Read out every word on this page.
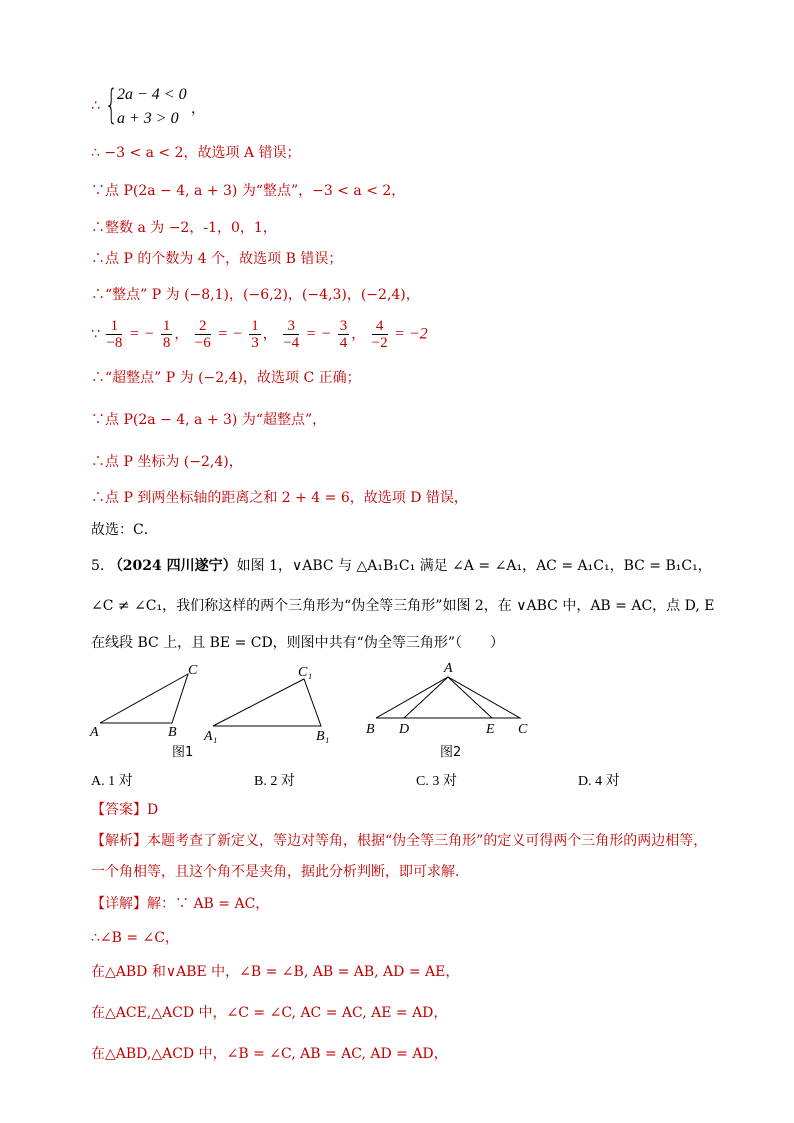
∴ { 2a − 4 < 0
a + 3 > 0
，
∴ −3 < a < 2，故选项 A 错误；
∵点 P(2a − 4, a + 3) 为“整点”，−3 < a < 2，
∴整数 a 为 −2，-1，0，1，
∴点 P 的个数为 4 个，故选项 B 错误；
∴“整点” P 为 (−8,1)，(−6,2)，(−4,3)，(−2,4)，
∵ $\frac{1}{-8}$ = − $\frac{1}{8}$ ， $\frac{2}{-6}$ = − $\frac{1}{3}$ ， $\frac{3}{-4}$ = − $\frac{3}{4}$ ， $\frac{4}{-2} = -2$
∴“超整点” P 为 (−2,4)，故选项 C 正确；
∵点 P(2a − 4, a + 3) 为“超整点”，
∴点 P 坐标为 (−2,4)，
∴点 P 到两坐标轴的距离之和 2 + 4 = 6，故选项 D 错误，
故选：C．
5. （2024 四川遂宁）如图 1，∨ABC 与 △A₁B₁C₁ 满足 ∠A = ∠A₁，AC = A₁C₁，BC = B₁C₁，
∠C ≠ ∠C₁，我们称这样的两个三角形为“伪全等三角形”如图 2，在 ∨ABC 中，AB = AC，点 D, E
在线段 BC 上，且 BE = CD，则图中共有“伪全等三角形”（　　）
A	B
C
图1
A₁	B₁
C₁	A
B D	E C
图2
A. 1 对	B. 2 对	C. 3 对	D. 4 对
【答案】D
【解析】本题考查了新定义，等边对等角，根据“伪全等三角形”的定义可得两个三角形的两边相等，
一个角相等，且这个角不是夹角，据此分析判断，即可求解．
【详解】解：∵ AB = AC，
∴∠B = ∠C，
在△ABD 和∨ABE 中，∠B = ∠B, AB = AB, AD = AE，
在△ACE,△ACD 中，∠C = ∠C, AC = AC, AE = AD，
在△ABD,△ACD 中，∠B = ∠C, AB = AC, AD = AD，
